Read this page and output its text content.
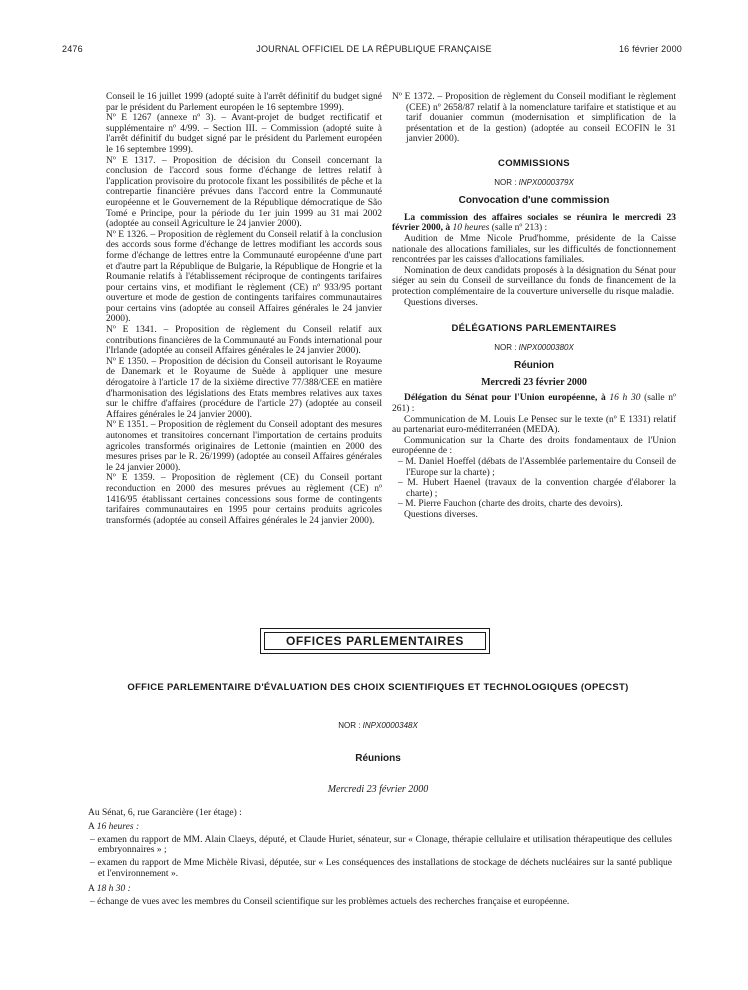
2476	JOURNAL OFFICIEL DE LA RÉPUBLIQUE FRANÇAISE	16 février 2000
Conseil le 16 juillet 1999 (adopté suite à l'arrêt définitif du budget signé par le président du Parlement européen le 16 septembre 1999).
Nº E 1267 (annexe nº 3). – Avant-projet de budget rectificatif et supplémentaire nº 4/99. – Section III. – Commission (adopté suite à l'arrêt définitif du budget signé par le président du Parlement européen le 16 septembre 1999).
Nº E 1317. – Proposition de décision du Conseil concernant la conclusion de l'accord sous forme d'échange de lettres relatif à l'application provisoire du protocole fixant les possibilités de pêche et la contrepartie financière prévues dans l'accord entre la Communauté européenne et le Gouvernement de la République démocratique de São Tomé e Principe, pour la période du 1er juin 1999 au 31 mai 2002 (adoptée au conseil Agriculture le 24 janvier 2000).
Nº E 1326. – Proposition de règlement du Conseil relatif à la conclusion des accords sous forme d'échange de lettres modifiant les accords sous forme d'échange de lettres entre la Communauté européenne d'une part et d'autre part la République de Bulgarie, la République de Hongrie et la Roumanie relatifs à l'établissement réciproque de contingents tarifaires pour certains vins, et modifiant le règlement (CE) nº 933/95 portant ouverture et mode de gestion de contingents tarifaires communautaires pour certains vins (adoptée au conseil Affaires générales le 24 janvier 2000).
Nº E 1341. – Proposition de règlement du Conseil relatif aux contributions financières de la Communauté au Fonds international pour l'Irlande (adoptée au conseil Affaires générales le 24 janvier 2000).
Nº E 1350. – Proposition de décision du Conseil autorisant le Royaume de Danemark et le Royaume de Suède à appliquer une mesure dérogatoire à l'article 17 de la sixième directive 77/388/CEE en matière d'harmonisation des législations des Etats membres relatives aux taxes sur le chiffre d'affaires (procédure de l'article 27) (adoptée au conseil Affaires générales le 24 janvier 2000).
Nº E 1351. – Proposition de règlement du Conseil adoptant des mesures autonomes et transitoires concernant l'importation de certains produits agricoles transformés originaires de Lettonie (maintien en 2000 des mesures prises par le R. 26/1999) (adoptée au conseil Affaires générales le 24 janvier 2000).
Nº E 1359. – Proposition de règlement (CE) du Conseil portant reconduction en 2000 des mesures prévues au règlement (CE) nº 1416/95 établissant certaines concessions sous forme de contingents tarifaires communautaires en 1995 pour certains produits agricoles transformés (adoptée au conseil Affaires générales le 24 janvier 2000).
Nº E 1372. – Proposition de règlement du Conseil modifiant le règlement (CEE) nº 2658/87 relatif à la nomenclature tarifaire et statistique et au tarif douanier commun (modernisation et simplification de la présentation et de la gestion) (adoptée au conseil ECOFIN le 31 janvier 2000).
COMMISSIONS
NOR : INPX0000379X
Convocation d'une commission
La commission des affaires sociales se réunira le mercredi 23 février 2000, à 10 heures (salle nº 213) :
Audition de Mme Nicole Prud'homme, présidente de la Caisse nationale des allocations familiales, sur les difficultés de fonctionnement rencontrées par les caisses d'allocations familiales.
Nomination de deux candidats proposés à la désignation du Sénat pour siéger au sein du Conseil de surveillance du fonds de financement de la protection complémentaire de la couverture universelle du risque maladie.
Questions diverses.
DÉLÉGATIONS PARLEMENTAIRES
NOR : INPX0000380X
Réunion
Mercredi 23 février 2000
Délégation du Sénat pour l'Union européenne, à 16 h 30 (salle nº 261) :
Communication de M. Louis Le Pensec sur le texte (nº E 1331) relatif au partenariat euro-méditerranéen (MEDA).
Communication sur la Charte des droits fondamentaux de l'Union européenne de :
– M. Daniel Hoeffel (débats de l'Assemblée parlementaire du Conseil de l'Europe sur la charte) ;
– M. Hubert Haenel (travaux de la convention chargée d'élaborer la charte) ;
– M. Pierre Fauchon (charte des droits, charte des devoirs).
Questions diverses.
OFFICES PARLEMENTAIRES
OFFICE PARLEMENTAIRE D'ÉVALUATION DES CHOIX SCIENTIFIQUES ET TECHNOLOGIQUES (OPECST)
NOR : INPX0000348X
Réunions
Mercredi 23 février 2000
Au Sénat, 6, rue Garancière (1er étage) :
A 16 heures :
– examen du rapport de MM. Alain Claeys, député, et Claude Huriet, sénateur, sur « Clonage, thérapie cellulaire et utilisation thérapeutique des cellules embryonnaires » ;
– examen du rapport de Mme Michèle Rivasi, députée, sur « Les conséquences des installations de stockage de déchets nucléaires sur la santé publique et l'environnement ».
A 18 h 30 :
– échange de vues avec les membres du Conseil scientifique sur les problèmes actuels des recherches française et européenne.
